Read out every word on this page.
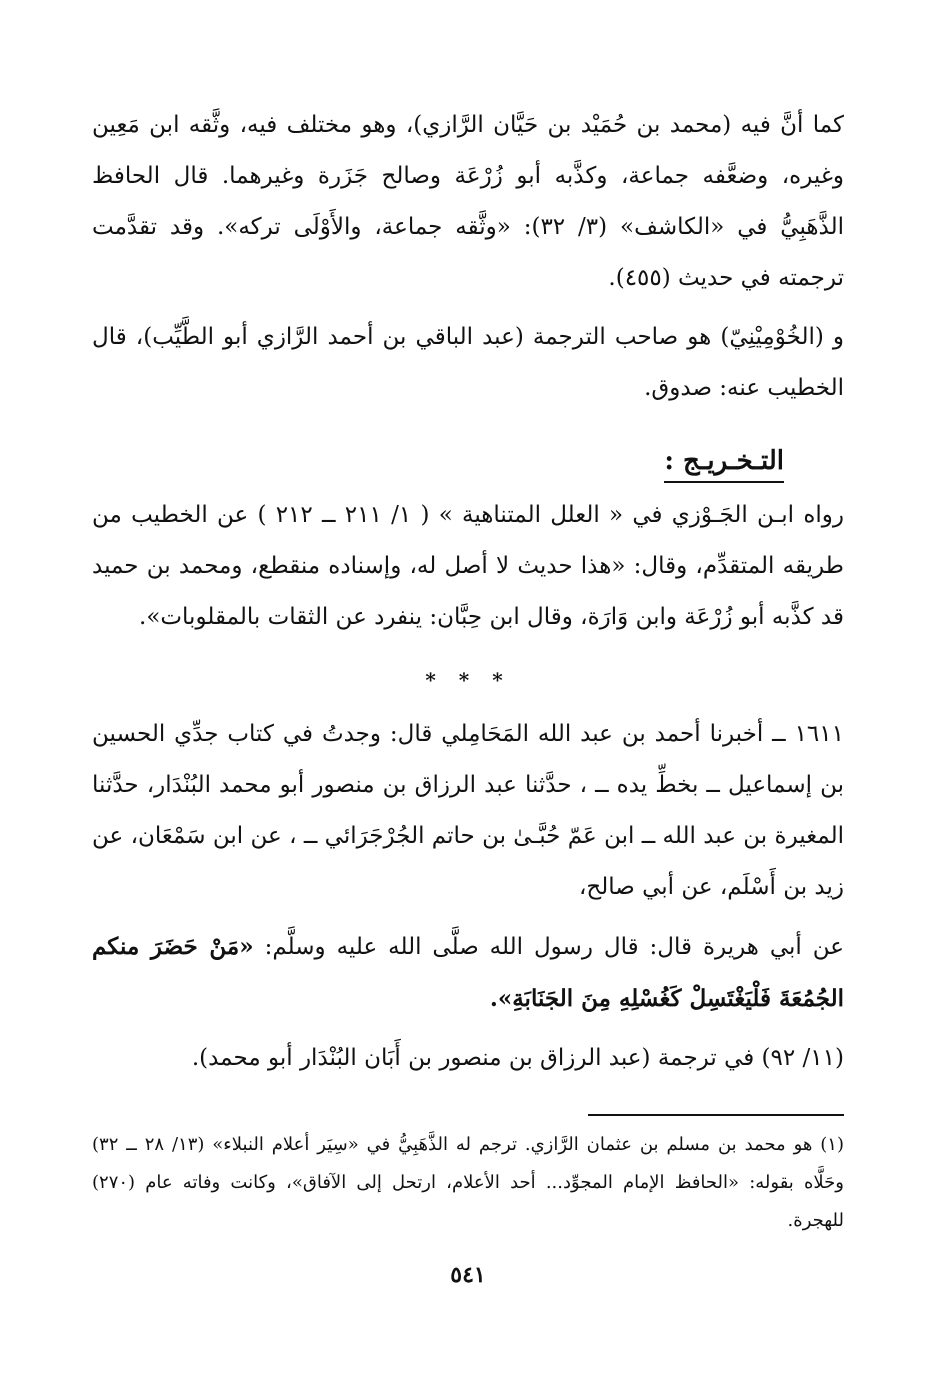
كما أنَّ فيه (محمد بن حُمَيْد بن حَيَّان الرَّازي)، وهو مختلف فيه، وثَّقه ابن مَعِين وغيره، وضعَّفه جماعة، وكذَّبه أبو زُرْعَة وصالح جَزَرة وغيرهما. قال الحافظ الذَّهَبِيُّ في «الكاشف» (٣/ ٣٢): «وثَّقه جماعة، والأَوْلَى تركه». وقد تقدَّمت ترجمته في حديث (٤٥٥).

و (الخُوْمِيْنِيّ) هو صاحب الترجمة (عبد الباقي بن أحمد الرَّازي أبو الطَّيِّب)، قال الخطيب عنه: صدوق.

التـخـريـج :

رواه ابـن الجَـوْزي في « العلل المتناهية » ( ١/ ٢١١ ــ ٢١٢ ) عن الخطيب من طريقه المتقدِّم، وقال: «هذا حديث لا أصل له، وإسناده منقطع، ومحمد بن حميد قد كذَّبه أبو زُرْعَة وابن وَارَة، وقال ابن حِبَّان: ينفرد عن الثقات بالمقلوبات».

* * *

١٦١١ ــ أخبرنا أحمد بن عبد الله المَحَامِلي قال: وجدتُ في كتاب جدِّي الحسين بن إسماعيل ــ بخطِّ يده ــ ، حدَّثنا عبد الرزاق بن منصور أبو محمد البُنْدَار، حدَّثنا المغيرة بن عبد الله ــ ابن عَمّ حُبَّـىٰ بن حاتم الجُرْجَرَائي ــ ، عن ابن سَمْعَان، عن زيد بن أَسْلَم، عن أبي صالح،

عن أبي هريرة قال: قال رسول الله صلَّى الله عليه وسلَّم: «مَنْ حَضَرَ منكم الجُمُعَةَ فَلْيَغْتَسِلْ كَغُسْلِهِ مِنَ الجَنَابَةِ».

(١١/ ٩٢) في ترجمة (عبد الرزاق بن منصور بن أَبَان البُنْدَار أبو محمد).

(١) هو محمد بن مسلم بن عثمان الرَّازي. ترجم له الذَّهَبِيُّ في «سِيَر أعلام النبلاء» (١٣/ ٢٨ ــ ٣٢) وحَلَّاه بقوله: «الحافظ الإمام المجوِّد... أحد الأعلام، ارتحل إلى الآفاق»، وكانت وفاته عام (٢٧٠) للهجرة.

٥٤١
